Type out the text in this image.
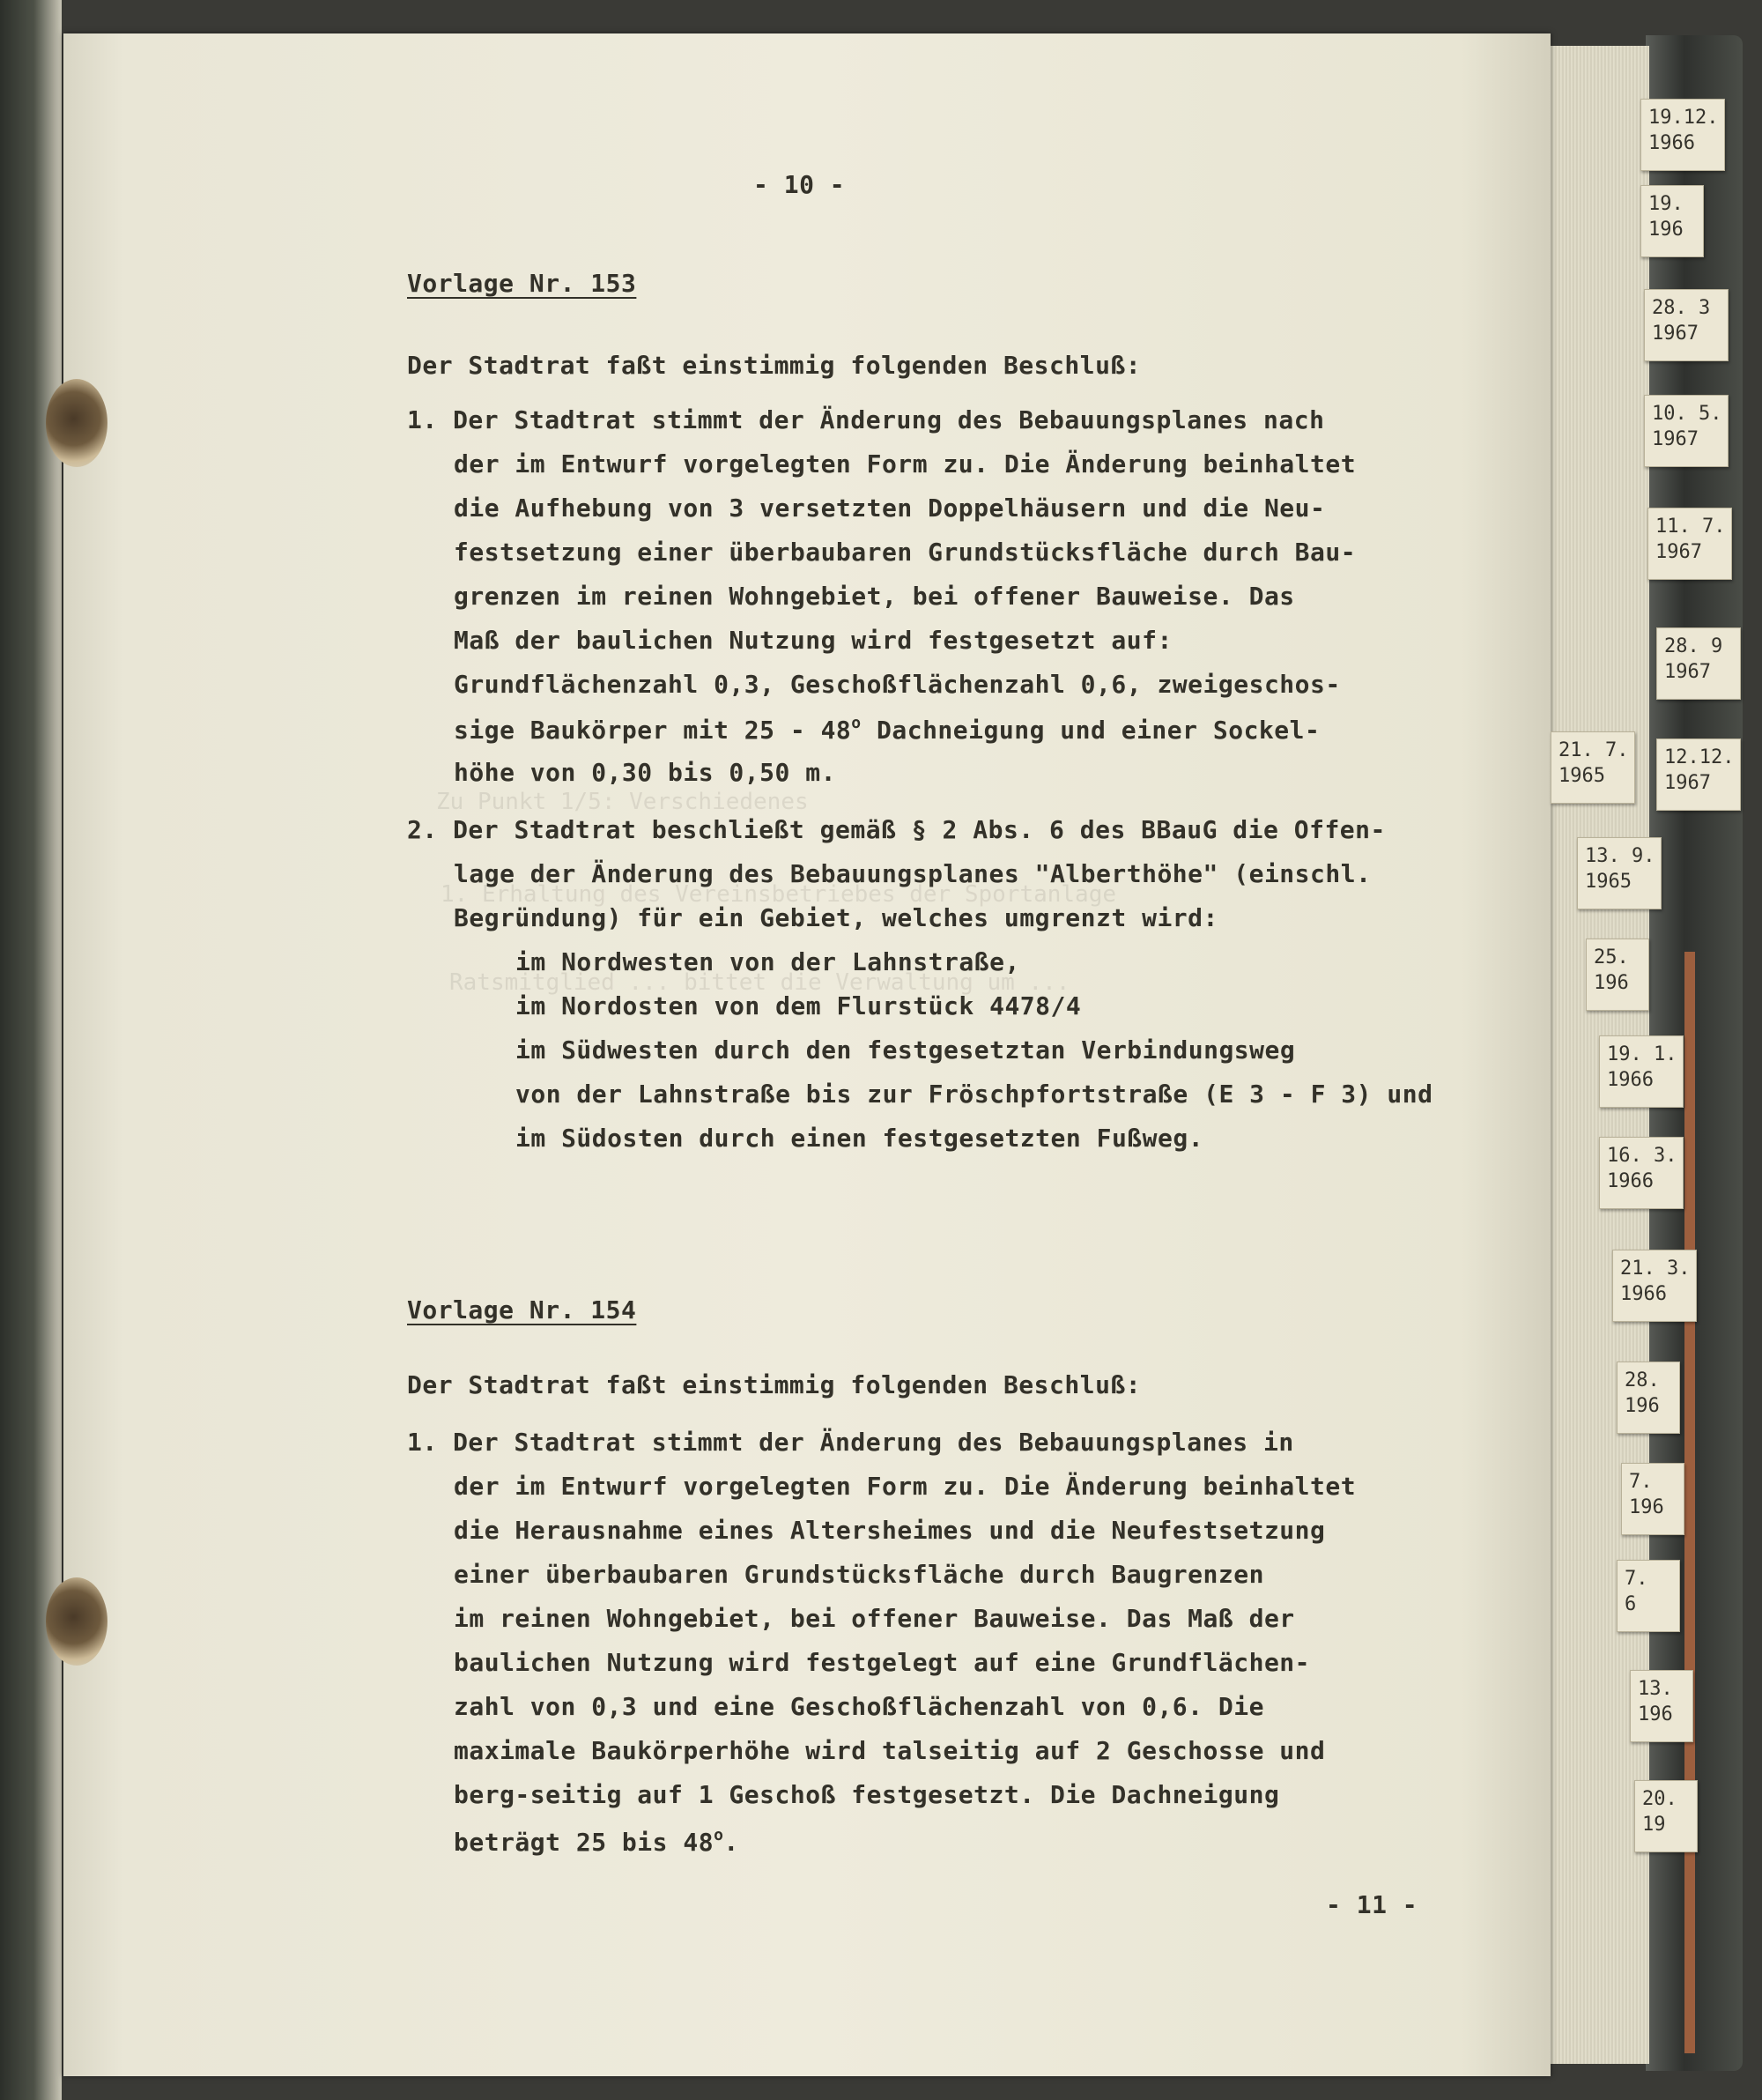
Zu Punkt 1/5: Verschiedenes
1. Erhaltung des Vereinsbetriebes der Sportanlage
Ratsmitglied ... bittet die Verwaltung um ...
- 10 -
Vorlage Nr. 153
Der Stadtrat faßt einstimmig folgenden Beschluß:
1. Der Stadtrat stimmt der Änderung des Bebauungsplanes nach
der im Entwurf vorgelegten Form zu. Die Änderung beinhaltet
die Aufhebung von 3 versetzten Doppelhäusern und die Neu-
festsetzung einer überbaubaren Grundstücksfläche durch Bau-
grenzen im reinen Wohngebiet, bei offener Bauweise. Das
Maß der baulichen Nutzung wird festgesetzt auf:
Grundflächenzahl 0,3, Geschoßflächenzahl 0,6, zweigeschos-
sige Baukörper mit 25 - 48$^o$ Dachneigung und einer Sockel-
höhe von 0,30 bis 0,50 m.
2. Der Stadtrat beschließt gemäß § 2 Abs. 6 des BBauG die Offen-
lage der Änderung des Bebauungsplanes "Alberthöhe" (einschl.
Begründung) für ein Gebiet, welches umgrenzt wird:
im Nordwesten von der Lahnstraße,
im Nordosten von dem Flurstück 4478/4
im Südwesten durch den festgesetztan Verbindungsweg
von der Lahnstraße bis zur Fröschpfortstraße (E 3 - F 3) und
im Südosten durch einen festgesetzten Fußweg.
Vorlage Nr. 154
Der Stadtrat faßt einstimmig folgenden Beschluß:
1. Der Stadtrat stimmt der Änderung des Bebauungsplanes in
der im Entwurf vorgelegten Form zu. Die Änderung beinhaltet
die Herausnahme eines Altersheimes und die Neufestsetzung
einer überbaubaren Grundstücksfläche durch Baugrenzen
im reinen Wohngebiet, bei offener Bauweise. Das Maß der
baulichen Nutzung wird festgelegt auf eine Grundflächen-
zahl von 0,3 und eine Geschoßflächenzahl von 0,6. Die
maximale Baukörperhöhe wird talseitig auf 2 Geschosse und
berg-seitig auf 1 Geschoß festgesetzt. Die Dachneigung
beträgt 25 bis 48$^o$.
- 11 -
19.12.
1966
19.
196
28. 3
1967
10. 5.
1967
11. 7.
1967
28. 9
1967
21. 7.
1965
12.12.
1967
13. 9.
1965
25.
196
19. 1.
1966
16. 3.
1966
21. 3.
1966
28.
196
7.
196
7.
6
13.
196
20.
19
